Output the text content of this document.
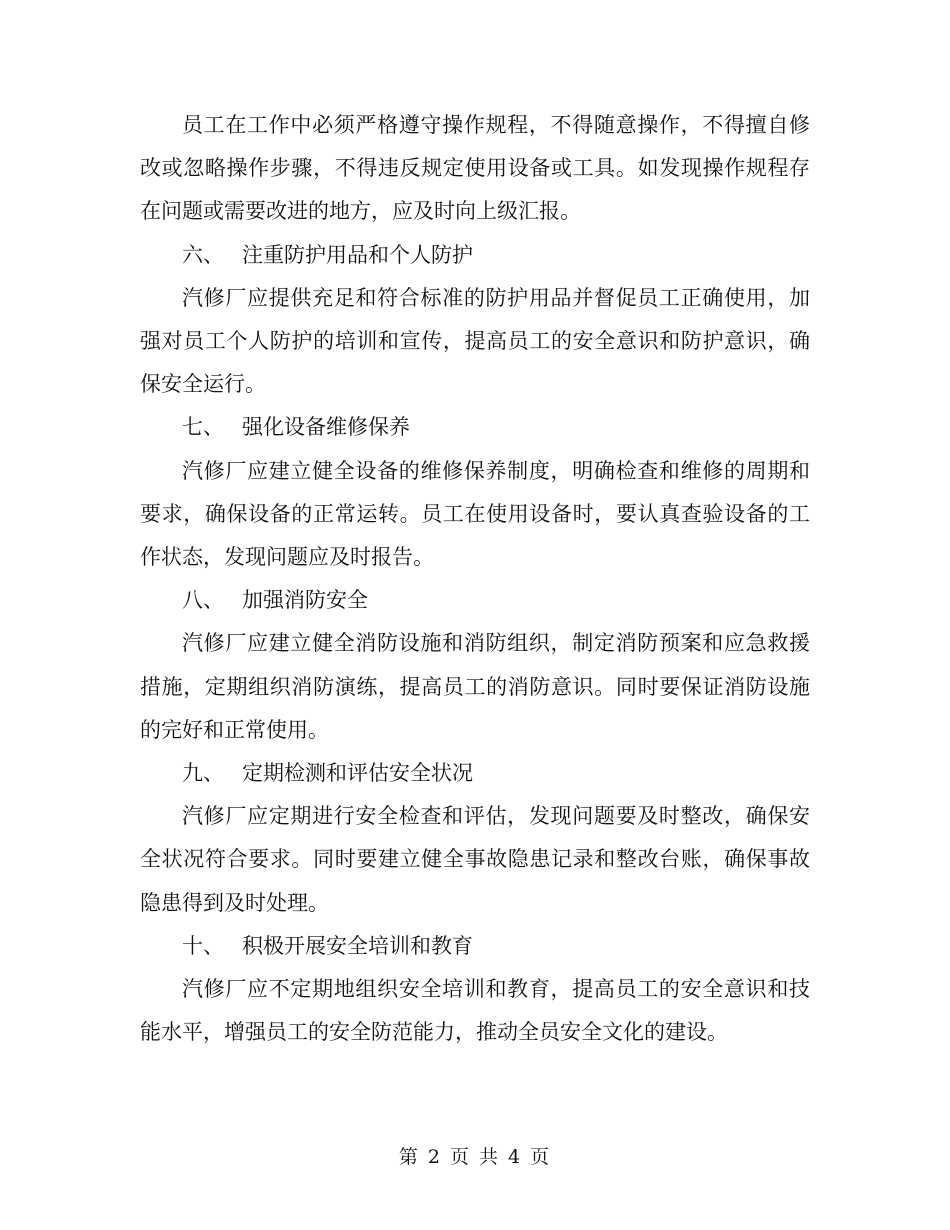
员工在工作中必须严格遵守操作规程，不得随意操作，不得擅自修改或忽略操作步骤，不得违反规定使用设备或工具。如发现操作规程存在问题或需要改进的地方，应及时向上级汇报。

六、 注重防护用品和个人防护

汽修厂应提供充足和符合标准的防护用品并督促员工正确使用，加强对员工个人防护的培训和宣传，提高员工的安全意识和防护意识，确保安全运行。

七、 强化设备维修保养

汽修厂应建立健全设备的维修保养制度，明确检查和维修的周期和要求，确保设备的正常运转。员工在使用设备时，要认真查验设备的工作状态，发现问题应及时报告。

八、 加强消防安全

汽修厂应建立健全消防设施和消防组织，制定消防预案和应急救援措施，定期组织消防演练，提高员工的消防意识。同时要保证消防设施的完好和正常使用。

九、 定期检测和评估安全状况

汽修厂应定期进行安全检查和评估，发现问题要及时整改，确保安全状况符合要求。同时要建立健全事故隐患记录和整改台账，确保事故隐患得到及时处理。

十、 积极开展安全培训和教育

汽修厂应不定期地组织安全培训和教育，提高员工的安全意识和技能水平，增强员工的安全防范能力，推动全员安全文化的建设。

第 2 页 共 4 页
